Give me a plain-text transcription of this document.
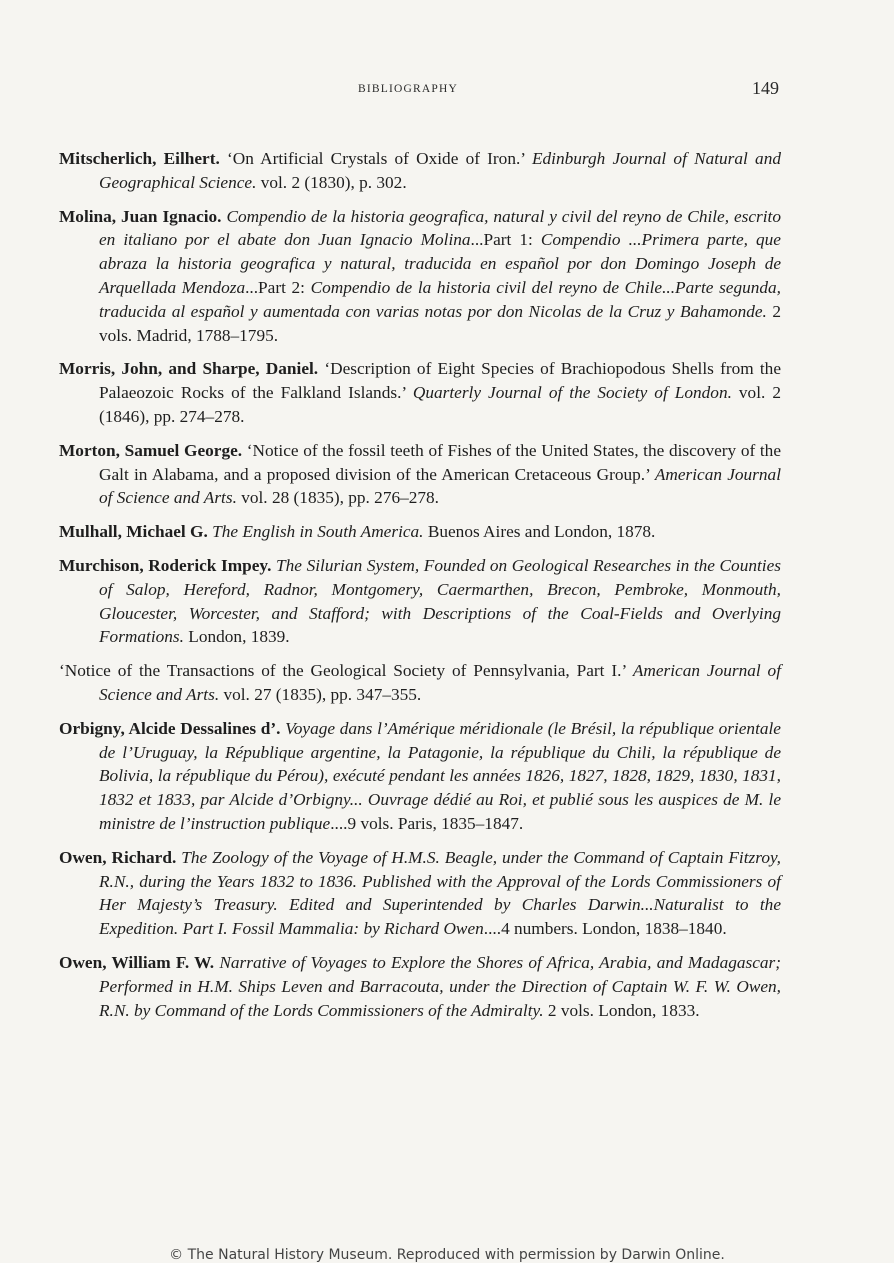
BIBLIOGRAPHY	149

Mitscherlich, Eilhert. ‘On Artificial Crystals of Oxide of Iron.’ Edinburgh Journal of Natural and Geographical Science. vol. 2 (1830), p. 302.

Molina, Juan Ignacio. Compendio de la historia geografica, natural y civil del reyno de Chile, escrito en italiano por el abate don Juan Ignacio Molina...Part 1: Compendio ...Primera parte, que abraza la historia geografica y natural, traducida en español por don Domingo Joseph de Arquellada Mendoza...Part 2: Compendio de la historia civil del reyno de Chile...Parte segunda, traducida al español y aumentada con varias notas por don Nicolas de la Cruz y Bahamonde. 2 vols. Madrid, 1788–1795.

Morris, John, and Sharpe, Daniel. ‘Description of Eight Species of Brachiopodous Shells from the Palaeozoic Rocks of the Falkland Islands.’ Quarterly Journal of the Society of London. vol. 2 (1846), pp. 274–278.

Morton, Samuel George. ‘Notice of the fossil teeth of Fishes of the United States, the discovery of the Galt in Alabama, and a proposed division of the American Cretaceous Group.’ American Journal of Science and Arts. vol. 28 (1835), pp. 276–278.

Mulhall, Michael G. The English in South America. Buenos Aires and London, 1878.

Murchison, Roderick Impey. The Silurian System, Founded on Geological Researches in the Counties of Salop, Hereford, Radnor, Montgomery, Caermarthen, Brecon, Pembroke, Monmouth, Gloucester, Worcester, and Stafford; with Descriptions of the Coal-Fields and Overlying Formations. London, 1839.

‘Notice of the Transactions of the Geological Society of Pennsylvania, Part I.’ American Journal of Science and Arts. vol. 27 (1835), pp. 347–355.

Orbigny, Alcide Dessalines d’. Voyage dans l’Amérique méridionale (le Brésil, la république orientale de l’Uruguay, la République argentine, la Patagonie, la république du Chili, la république de Bolivia, la république du Pérou), exécuté pendant les années 1826, 1827, 1828, 1829, 1830, 1831, 1832 et 1833, par Alcide d’Orbigny... Ouvrage dédié au Roi, et publié sous les auspices de M. le ministre de l’instruction publique....9 vols. Paris, 1835–1847.

Owen, Richard. The Zoology of the Voyage of H.M.S. Beagle, under the Command of Captain Fitzroy, R.N., during the Years 1832 to 1836. Published with the Approval of the Lords Commissioners of Her Majesty’s Treasury. Edited and Superintended by Charles Darwin...Naturalist to the Expedition. Part I. Fossil Mammalia: by Richard Owen....4 numbers. London, 1838–1840.

Owen, William F. W. Narrative of Voyages to Explore the Shores of Africa, Arabia, and Madagascar; Performed in H.M. Ships Leven and Barracouta, under the Direction of Captain W. F. W. Owen, R.N. by Command of the Lords Commissioners of the Admiralty. 2 vols. London, 1833.

© The Natural History Museum. Reproduced with permission by Darwin Online.
